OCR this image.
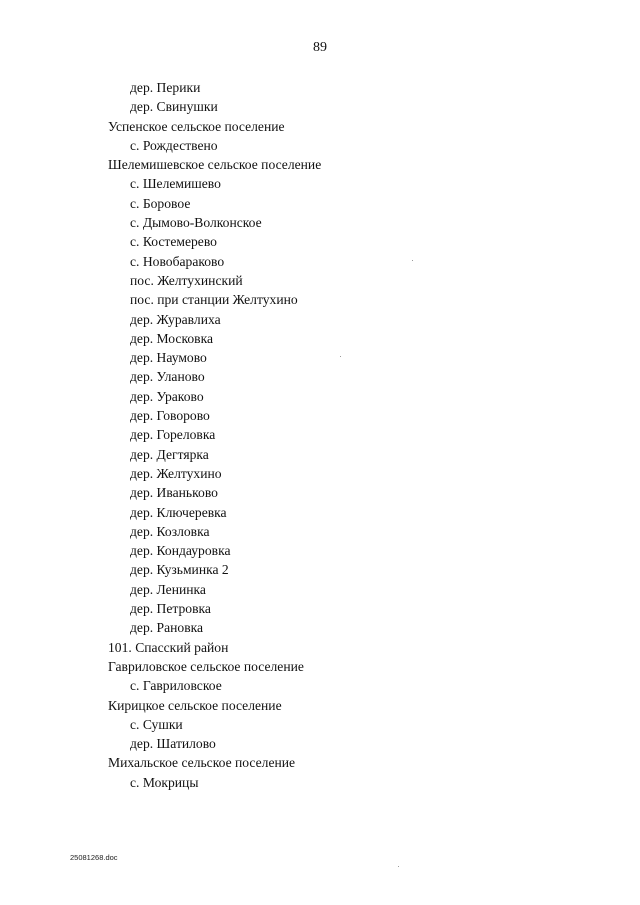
89
дер. Перики
дер. Свинушки
Успенское сельское поселение
с. Рождествено
Шелемишевское сельское поселение
с. Шелемишево
с. Боровое
с. Дымово-Волконское
с. Костемерево
с. Новобараково
пос. Желтухинский
пос. при станции Желтухино
дер. Журавлиха
дер. Московка
дер. Наумово
дер. Уланово
дер. Ураково
дер. Говорово
дер. Гореловка
дер. Дегтярка
дер. Желтухино
дер. Иваньково
дер. Ключеревка
дер. Козловка
дер. Кондауровка
дер. Кузьминка 2
дер. Ленинка
дер. Петровка
дер. Рановка
101. Спасский район
Гавриловское сельское поселение
с. Гавриловское
Кирицкое сельское поселение
с. Сушки
дер. Шатилово
Михальское сельское поселение
с. Мокрицы
25081268.doc
